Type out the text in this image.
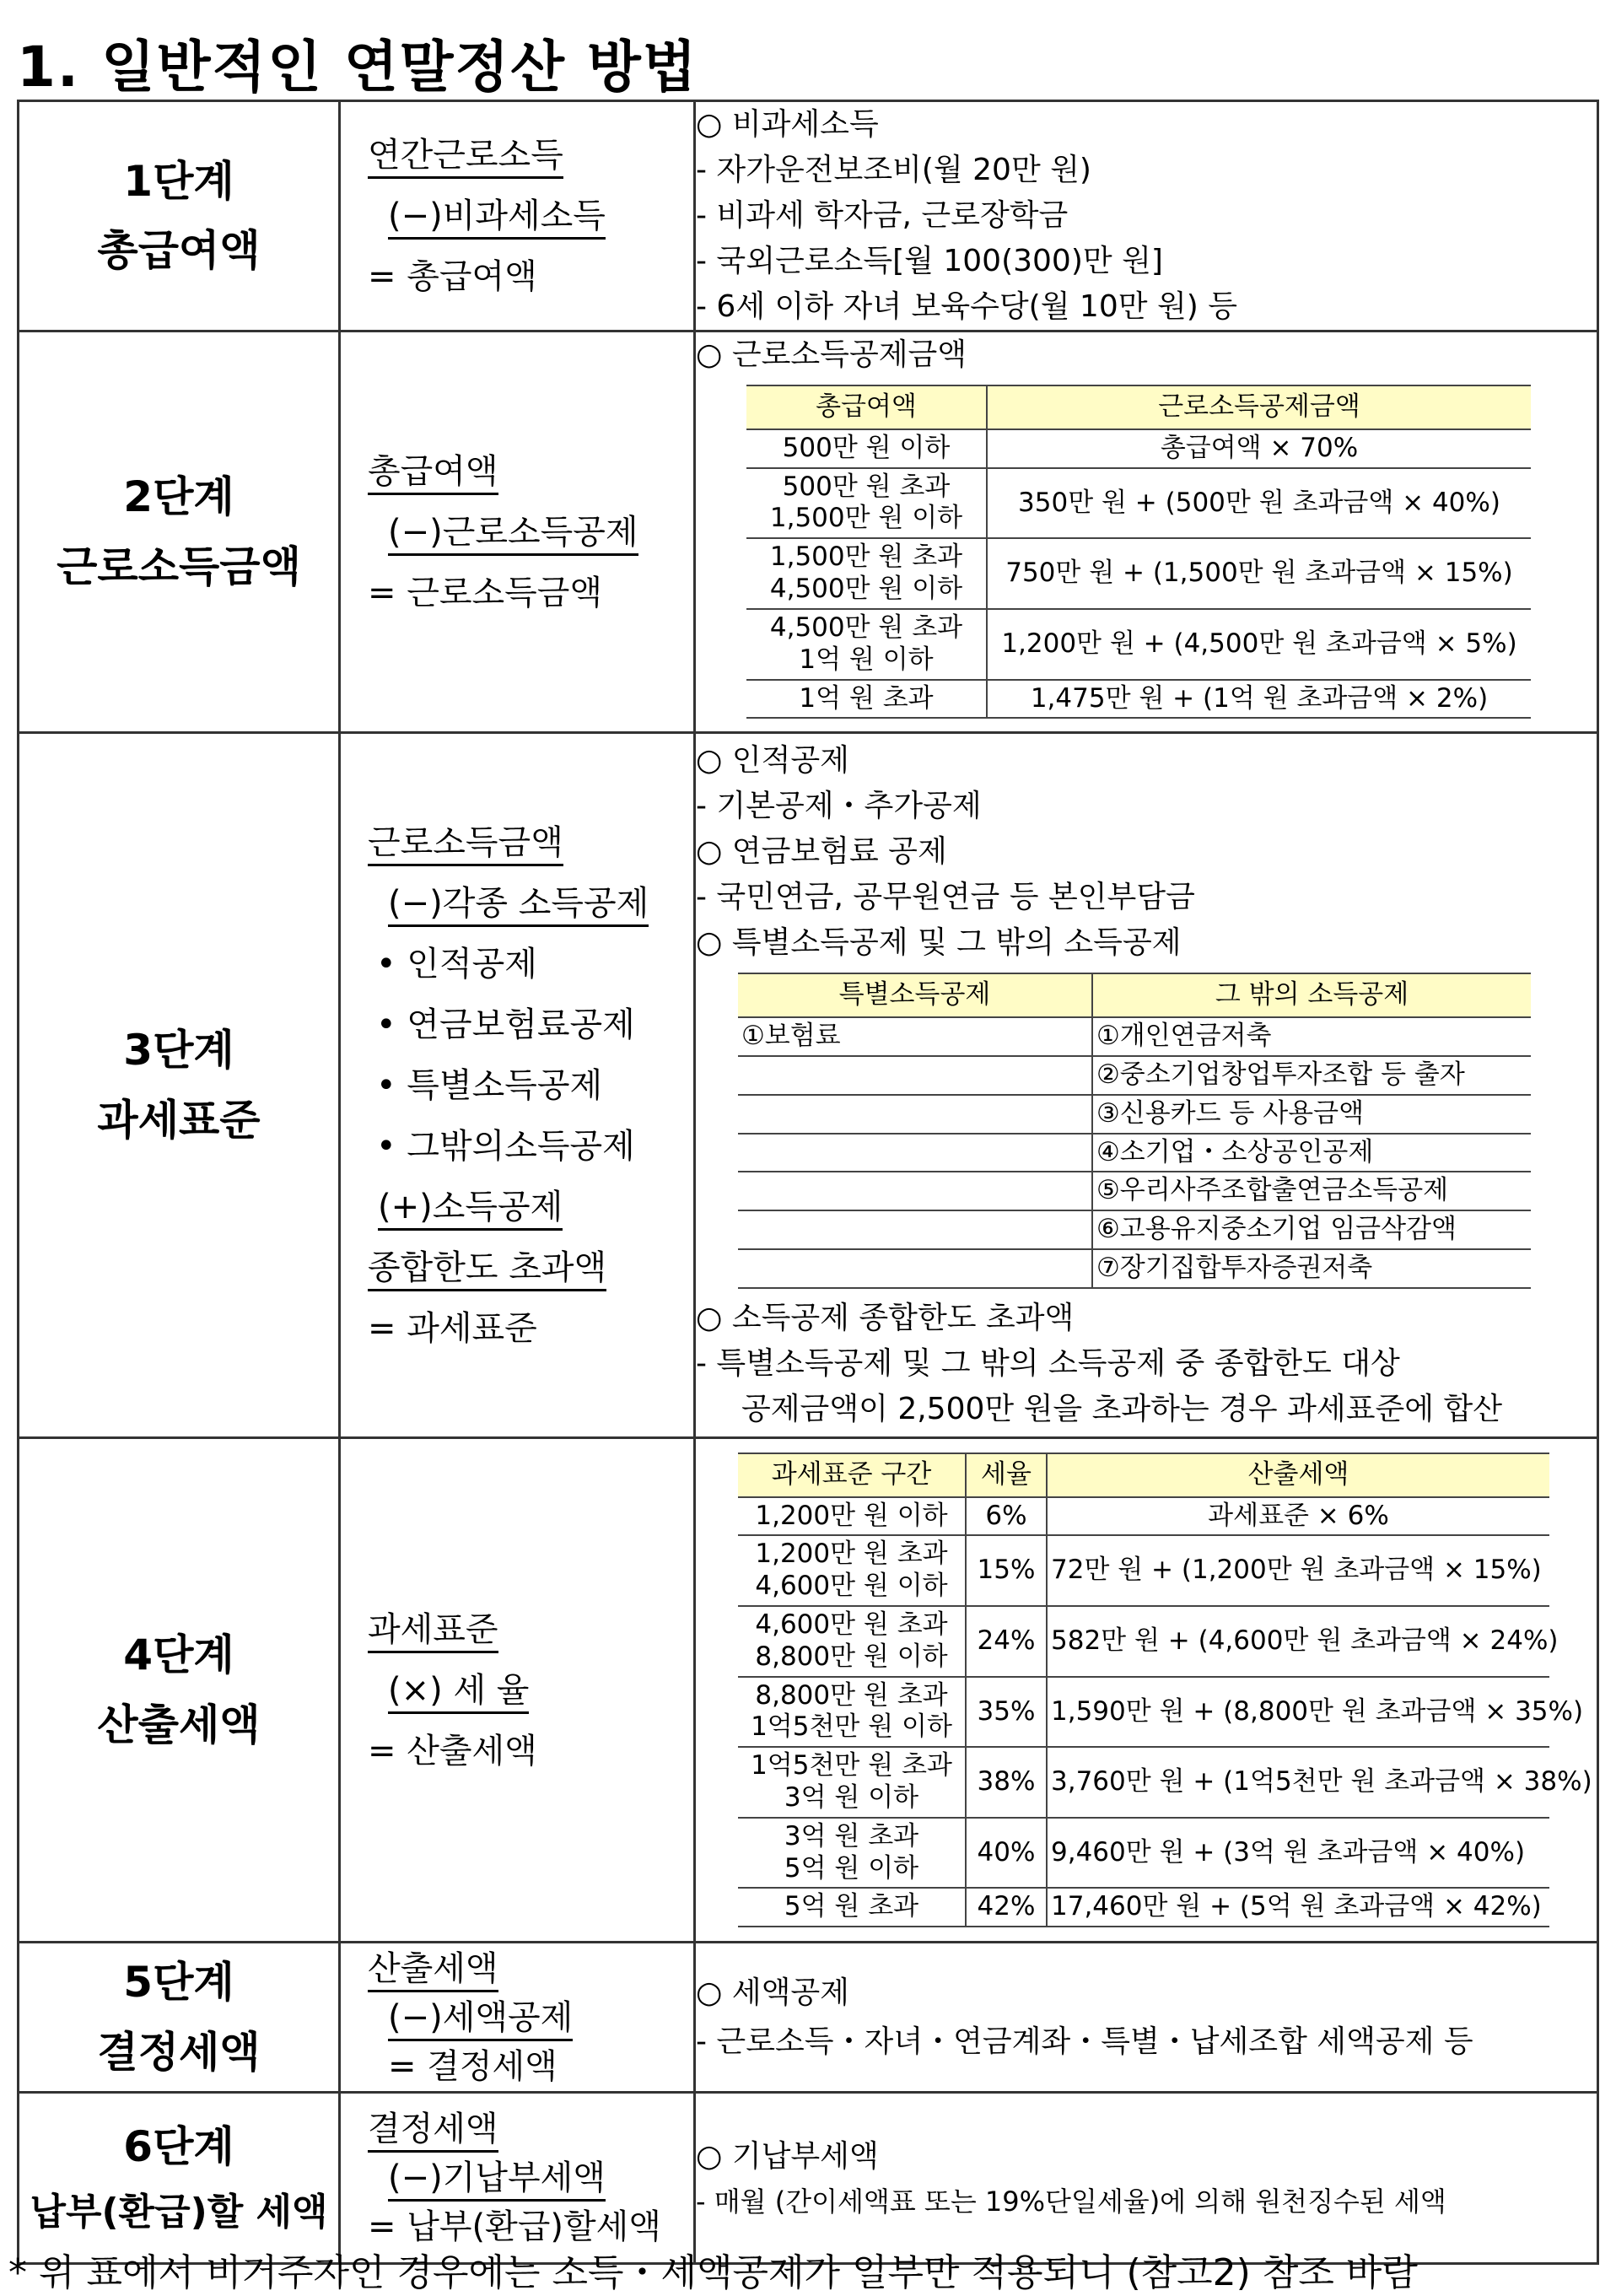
1. 일반적인 연말정산 방법
1단계
총급여액

연간근로소득
(−)비과세소득
= 총급여액

○ 비과세소득
- 자가운전보조비(월 20만 원)
- 비과세 학자금, 근로장학금
- 국외근로소득[월 100(300)만 원]
- 6세 이하 자녀 보육수당(월 10만 원) 등

2단계
근로소득금액

총급여액
(−)근로소득공제
= 근로소득금액

○ 근로소득공제금액
총급여액	근로소득공제금액

500만 원 이하	총급여액 × 70%

500만 원 초과
1,500만 원 이하
	350만 원 + (500만 원 초과금액 × 40%)

1,500만 원 초과
4,500만 원 이하
	750만 원 + (1,500만 원 초과금액 × 15%)

4,500만 원 초과
1억 원 이하
	1,200만 원 + (4,500만 원 초과금액 × 5%)

1억 원 초과	1,475만 원 + (1억 원 초과금액 × 2%)

3단계
과세표준

근로소득금액
(−)각종 소득공제
• 인적공제
• 연금보험료공제
• 특별소득공제
• 그밖의소득공제
(+)소득공제
종합한도 초과액
= 과세표준

○ 인적공제
- 기본공제・추가공제
○ 연금보험료 공제
- 국민연금, 공무원연금 등 본인부담금
○ 특별소득공제 및 그 밖의 소득공제
특별소득공제	그 밖의 소득공제
①보험료	①개인연금저축
	②중소기업창업투자조합 등 출자
	③신용카드 등 사용금액
	④소기업・소상공인공제
	⑤우리사주조합출연금소득공제
	⑥고용유지중소기업 임금삭감액
	⑦장기집합투자증권저축
○ 소득공제 종합한도 초과액
- 특별소득공제 및 그 밖의 소득공제 중 종합한도 대상
공제금액이 2,500만 원을 초과하는 경우 과세표준에 합산

4단계
산출세액

과세표준
(×) 세 율
= 산출세액

과세표준 구간	세율	산출세액

1,200만 원 이하	6%	과세표준 × 6%

1,200만 원 초과
4,600만 원 이하
	15%	72만 원 + (1,200만 원 초과금액 × 15%)

4,600만 원 초과
8,800만 원 이하
	24%	582만 원 + (4,600만 원 초과금액 × 24%)

8,800만 원 초과
1억5천만 원 이하
	35%	1,590만 원 + (8,800만 원 초과금액 × 35%)

1억5천만 원 초과
3억 원 이하
	38%	3,760만 원 + (1억5천만 원 초과금액 × 38%)

3억 원 초과
5억 원 이하
	40%	9,460만 원 + (3억 원 초과금액 × 40%)

5억 원 초과	42%	17,460만 원 + (5억 원 초과금액 × 42%)

5단계
결정세액

산출세액
(−)세액공제
= 결정세액

○ 세액공제
- 근로소득・자녀・연금계좌・특별・납세조합 세액공제 등

6단계
납부(환급)할 세액

결정세액
(−)기납부세액
= 납부(환급)할세액

○ 기납부세액
- 매월 (간이세액표 또는 19%단일세율)에 의해 원천징수된 세액
* 위 표에서 비거주자인 경우에는 소득・세액공제가 일부만 적용되니 (참고2) 참조 바람
